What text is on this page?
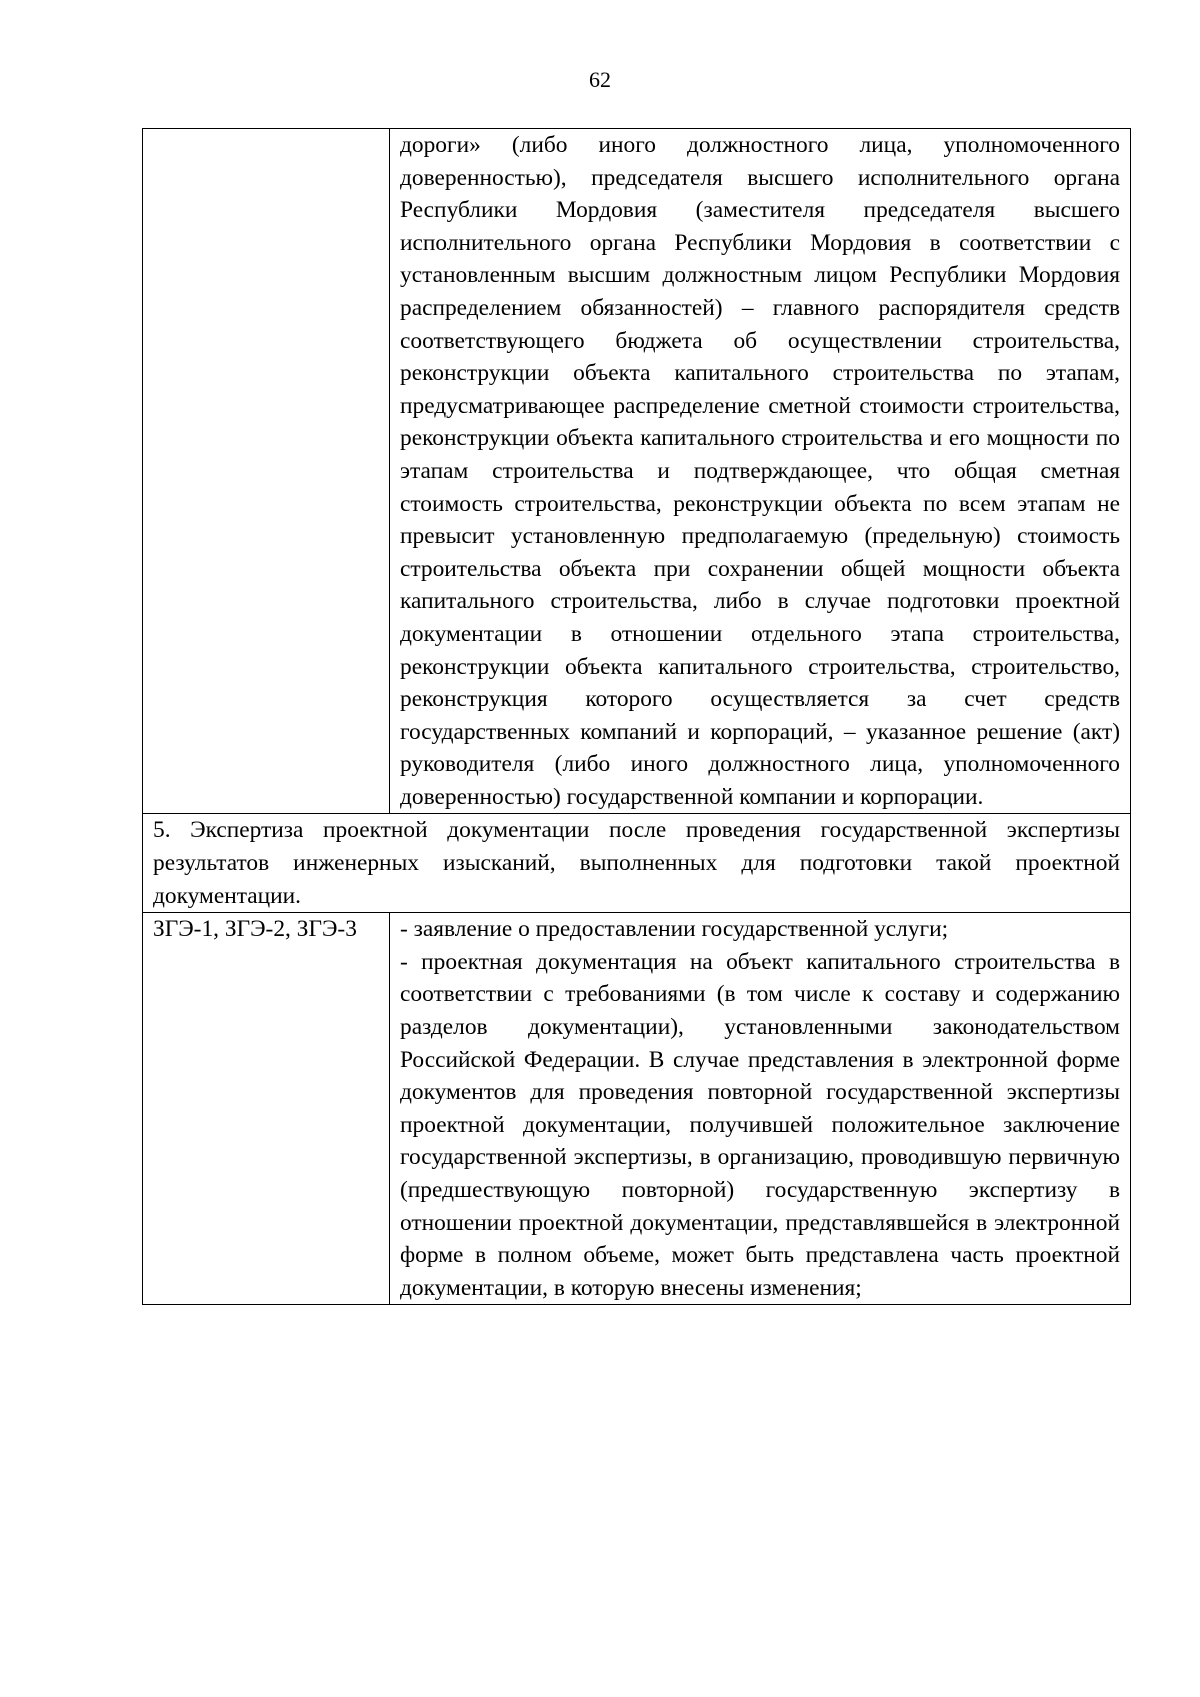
62

	дороги» (либо иного должностного лица, уполномоченного доверенностью), председателя высшего исполнительного органа Республики Мордовия (заместителя председателя высшего исполнительного органа Республики Мордовия в соответствии с установленным высшим должностным лицом Республики Мордовия распределением обязанностей) – главного распорядителя средств соответствующего бюджета об осуществлении строительства, реконструкции объекта капитального строительства по этапам, предусматривающее распределение сметной стоимости строительства, реконструкции объекта капитального строительства и его мощности по этапам строительства и подтверждающее, что общая сметная стоимость строительства, реконструкции объекта по всем этапам не превысит установленную предполагаемую (предельную) стоимость строительства объекта при сохранении общей мощности объекта капитального строительства, либо в случае подготовки проектной документации в отношении отдельного этапа строительства, реконструкции объекта капитального строительства, строительство, реконструкция которого осуществляется за счет средств государственных компаний и корпораций, – указанное решение (акт) руководителя (либо иного должностного лица, уполномоченного доверенностью) государственной компании и корпорации.

5. Экспертиза проектной документации после проведения государственной экспертизы результатов инженерных изысканий, выполненных для подготовки такой проектной документации.	

ЗГЭ-1, ЗГЭ-2, ЗГЭ-3	- заявление о предоставлении государственной услуги;

- проектная документация на объект капитального строительства в соответствии с требованиями (в том числе к составу и содержанию разделов документации), установленными законодательством Российской Федерации. В случае представления в электронной форме документов для проведения повторной государственной экспертизы проектной документации, получившей положительное заключение государственной экспертизы, в организацию, проводившую первичную (предшествующую повторной) государственную экспертизу в отношении проектной документации, представлявшейся в электронной форме в полном объеме, может быть представлена часть проектной документации, в которую внесены изменения;
